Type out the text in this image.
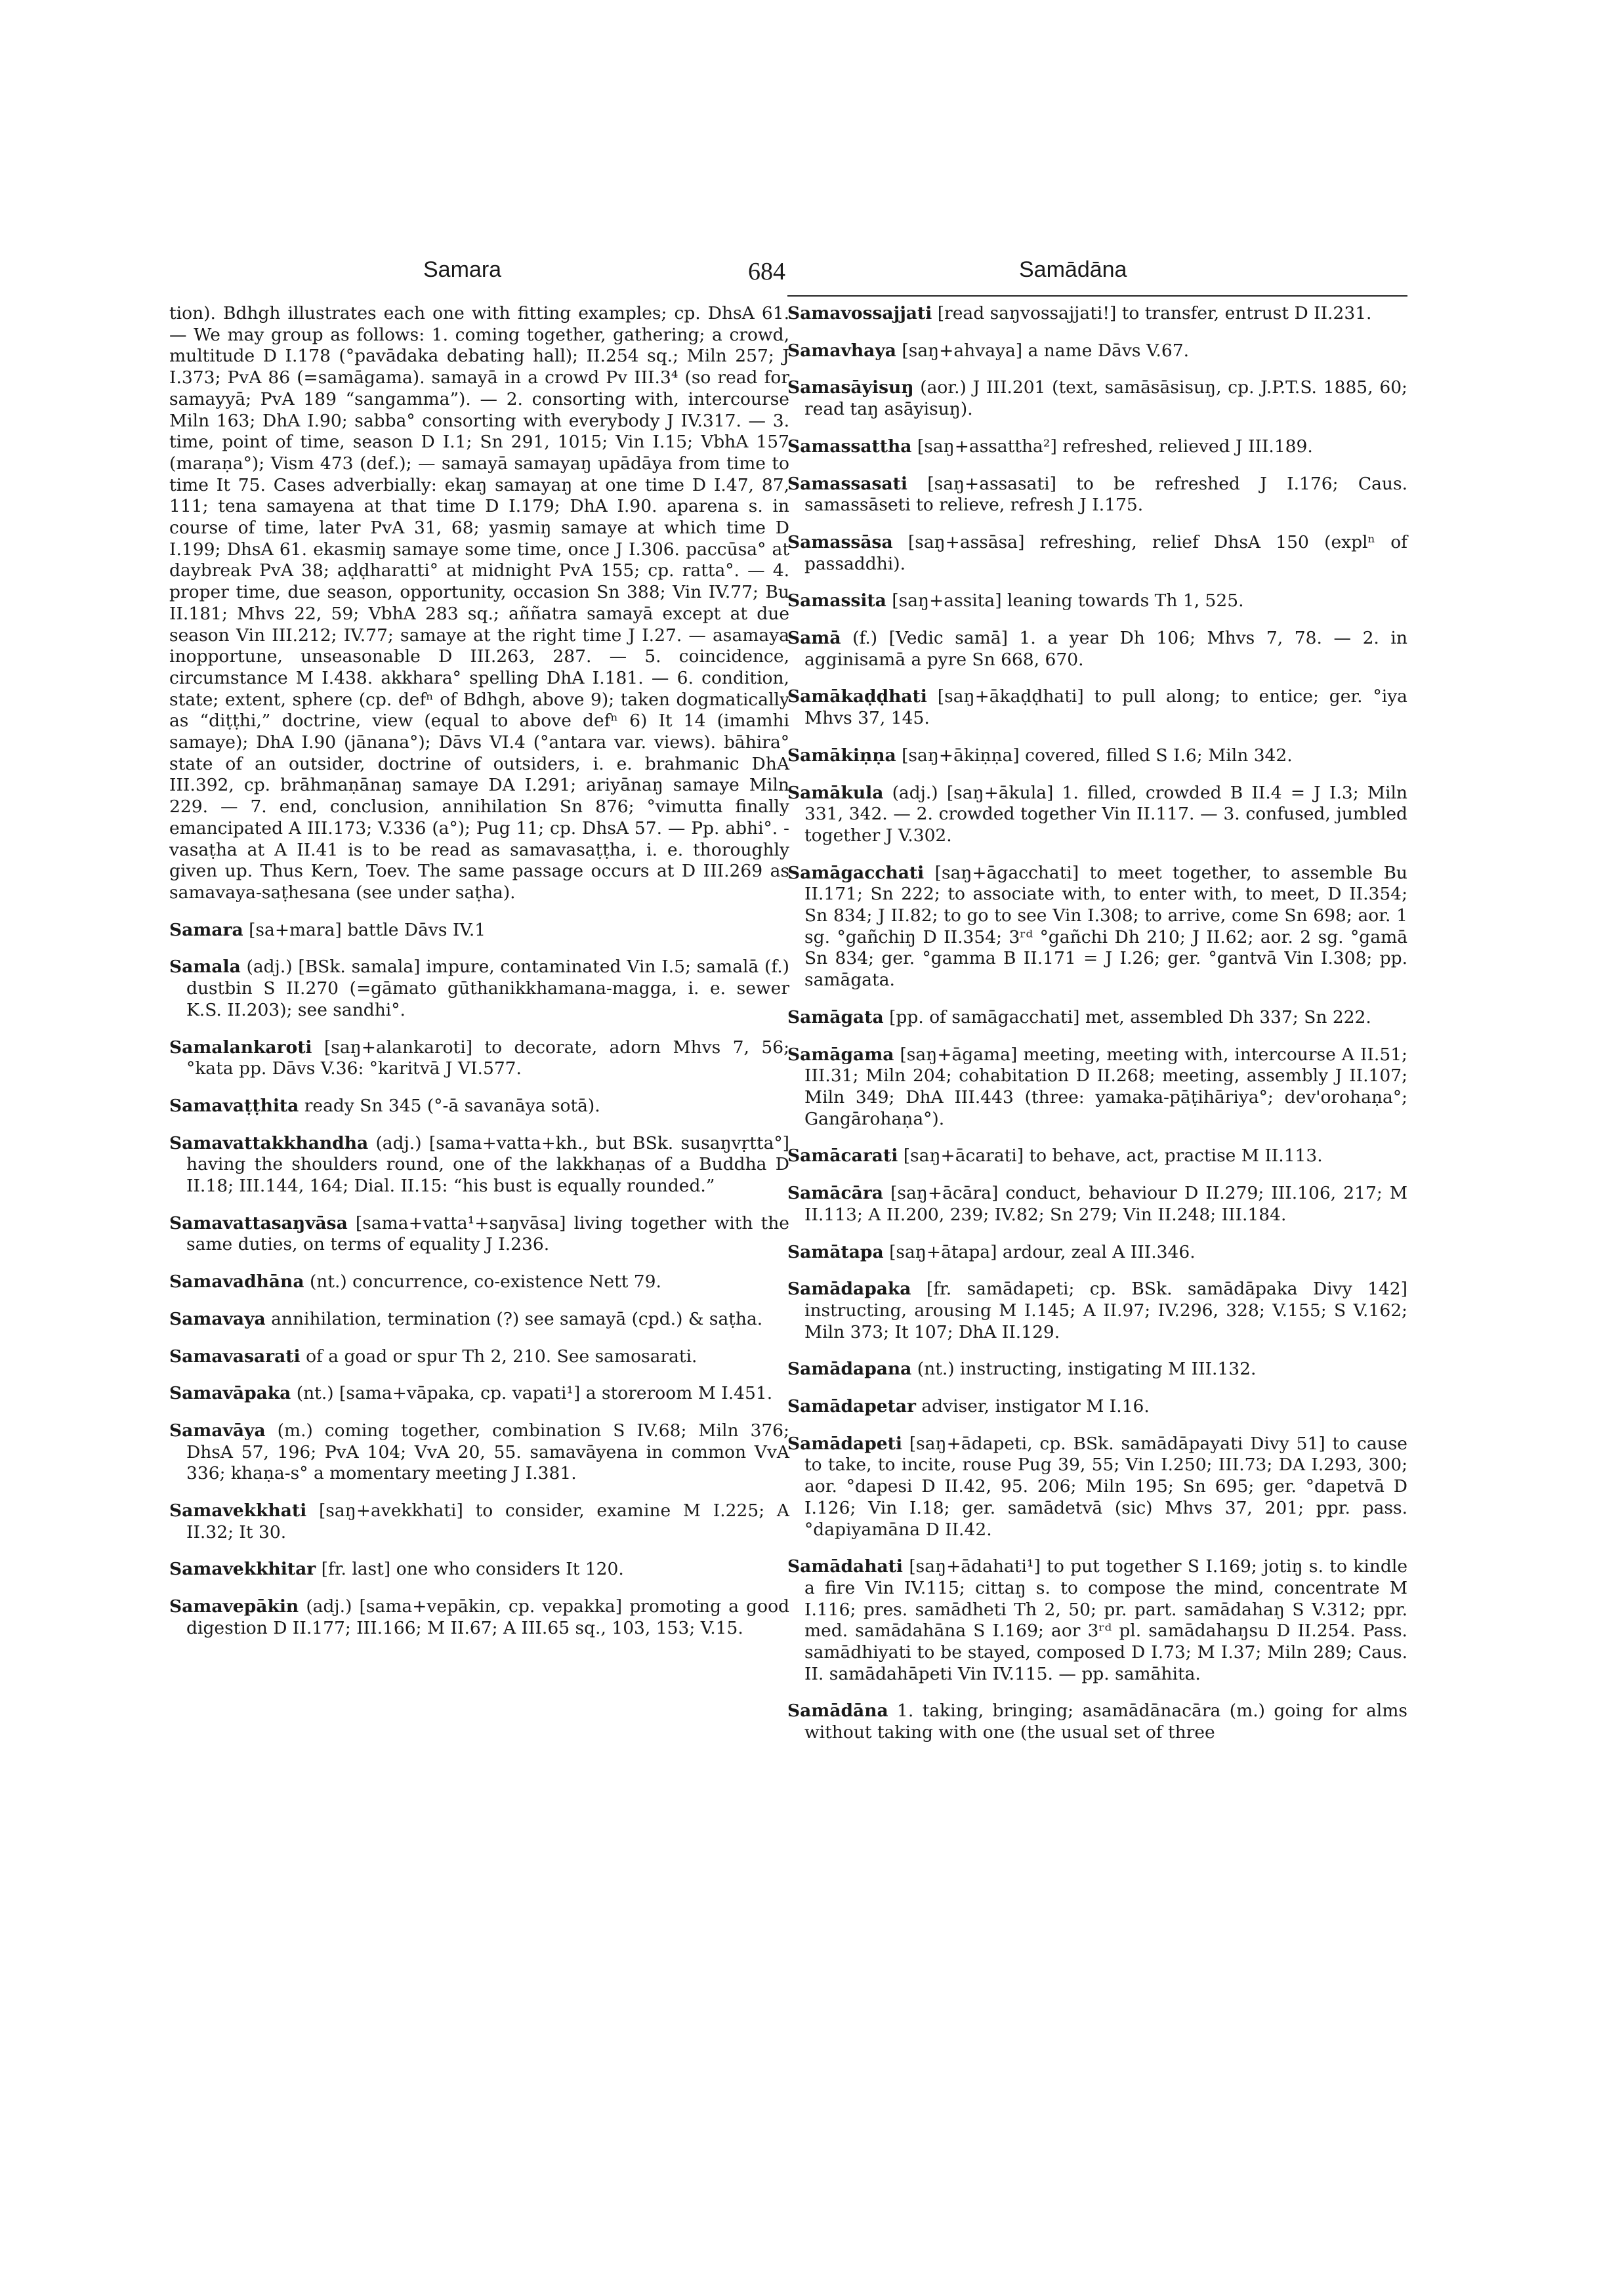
Samara	684	Samādāna

tion). Bdhgh illustrates each one with fitting examples; cp. DhsA 61. — We may group as follows: 1. coming together, gathering; a crowd, multitude D I.178 (°pavādaka debating hall); II.254 sq.; Miln 257; J I.373; PvA 86 (=samāgama). samayā in a crowd Pv III.3⁴ (so read for samayyā; PvA 189 “sangamma”). — 2. consorting with, intercourse Miln 163; DhA I.90; sabba° consorting with everybody J IV.317. — 3. time, point of time, season D I.1; Sn 291, 1015; Vin I.15; VbhA 157 (maraṇa°); Vism 473 (def.); — samayā samayaŋ upādāya from time to time It 75. Cases adverbially: ekaŋ samayaŋ at one time D I.47, 87, 111; tena samayena at that time D I.179; DhA I.90. aparena s. in course of time, later PvA 31, 68; yasmiŋ samaye at which time D I.199; DhsA 61. ekasmiŋ samaye some time, once J I.306. paccūsa° at daybreak PvA 38; aḍḍharatti° at midnight PvA 155; cp. ratta°. — 4. proper time, due season, opportunity, occasion Sn 388; Vin IV.77; Bu II.181; Mhvs 22, 59; VbhA 283 sq.; aññatra samayā except at due season Vin III.212; IV.77; samaye at the right time J I.27. — asamaya inopportune, unseasonable D III.263, 287. — 5. coincidence, circumstance M I.438. akkhara° spelling DhA I.181. — 6. condition, state; extent, sphere (cp. defⁿ of Bdhgh, above 9); taken dogmatically as “diṭṭhi,” doctrine, view (equal to above defⁿ 6) It 14 (imamhi samaye); DhA I.90 (jānana°); Dāvs VI.4 (°antara var. views). bāhira° state of an outsider, doctrine of outsiders, i. e. brahmanic DhA III.392, cp. brāhmaṇānaŋ samaye DA I.291; ariyānaŋ samaye Miln 229. — 7. end, conclusion, annihilation Sn 876; °vimutta finally emancipated A III.173; V.336 (a°); Pug 11; cp. DhsA 57. — Pp. abhi°. -vasaṭha at A II.41 is to be read as samavasaṭṭha, i. e. thoroughly given up. Thus Kern, Toev. The same passage occurs at D III.269 as samavaya-saṭhesana (see under saṭha).

Samara [sa+mara] battle Dāvs IV.1

Samala (adj.) [BSk. samala] impure, contaminated Vin I.5; samalā (f.) dustbin S II.270 (=gāmato gūthanikkhamana-magga, i. e. sewer K.S. II.203); see sandhi°.

Samalankaroti [saŋ+alankaroti] to decorate, adorn Mhvs 7, 56; °kata pp. Dāvs V.36: °karitvā J VI.577.

Samavaṭṭhita ready Sn 345 (°-ā savanāya sotā).

Samavattakkhandha (adj.) [sama+vatta+kh., but BSk. susaŋvṛtta°] having the shoulders round, one of the lakkhaṇas of a Buddha D II.18; III.144, 164; Dial. II.15: “his bust is equally rounded.”

Samavattasaŋvāsa [sama+vatta¹+saŋvāsa] living together with the same duties, on terms of equality J I.236.

Samavadhāna (nt.) concurrence, co-existence Nett 79.

Samavaya annihilation, termination (?) see samayā (cpd.) & saṭha.

Samavasarati of a goad or spur Th 2, 210. See samosarati.

Samavāpaka (nt.) [sama+vāpaka, cp. vapati¹] a storeroom M I.451.

Samavāya (m.) coming together, combination S IV.68; Miln 376; DhsA 57, 196; PvA 104; VvA 20, 55. samavāyena in common VvA 336; khaṇa-s° a momentary meeting J I.381.

Samavekkhati [saŋ+avekkhati] to consider, examine M I.225; A II.32; It 30.

Samavekkhitar [fr. last] one who considers It 120.

Samavepākin (adj.) [sama+vepākin, cp. vepakka] promoting a good digestion D II.177; III.166; M II.67; A III.65 sq., 103, 153; V.15.

Samavossajjati [read saŋvossajjati!] to transfer, entrust D II.231.

Samavhaya [saŋ+ahvaya] a name Dāvs V.67.

Samasāyisuŋ (aor.) J III.201 (text, samāsāsisuŋ, cp. J.P.T.S. 1885, 60; read taŋ asāyisuŋ).

Samassattha [saŋ+assattha²] refreshed, relieved J III.189.

Samassasati [saŋ+assasati] to be refreshed J I.176; Caus. samassāseti to relieve, refresh J I.175.

Samassāsa [saŋ+assāsa] refreshing, relief DhsA 150 (explⁿ of passaddhi).

Samassita [saŋ+assita] leaning towards Th 1, 525.

Samā (f.) [Vedic samā] 1. a year Dh 106; Mhvs 7, 78. — 2. in agginisamā a pyre Sn 668, 670.

Samākaḍḍhati [saŋ+ākaḍḍhati] to pull along; to entice; ger. °iya Mhvs 37, 145.

Samākiṇṇa [saŋ+ākiṇṇa] covered, filled S I.6; Miln 342.

Samākula (adj.) [saŋ+ākula] 1. filled, crowded B II.4 = J I.3; Miln 331, 342. — 2. crowded together Vin II.117. — 3. confused, jumbled together J V.302.

Samāgacchati [saŋ+āgacchati] to meet together, to assemble Bu II.171; Sn 222; to associate with, to enter with, to meet, D II.354; Sn 834; J II.82; to go to see Vin I.308; to arrive, come Sn 698; aor. 1 sg. °gañchiŋ D II.354; 3ʳᵈ °gañchi Dh 210; J II.62; aor. 2 sg. °gamā Sn 834; ger. °gamma B II.171 = J I.26; ger. °gantvā Vin I.308; pp. samāgata.

Samāgata [pp. of samāgacchati] met, assembled Dh 337; Sn 222.

Samāgama [saŋ+āgama] meeting, meeting with, intercourse A II.51; III.31; Miln 204; cohabitation D II.268; meeting, assembly J II.107; Miln 349; DhA III.443 (three: yamaka-pāṭihāriya°; dev'orohaṇa°; Gangārohaṇa°).

Samācarati [saŋ+ācarati] to behave, act, practise M II.113.

Samācāra [saŋ+ācāra] conduct, behaviour D II.279; III.106, 217; M II.113; A II.200, 239; IV.82; Sn 279; Vin II.248; III.184.

Samātapa [saŋ+ātapa] ardour, zeal A III.346.

Samādapaka [fr. samādapeti; cp. BSk. samādāpaka Divy 142] instructing, arousing M I.145; A II.97; IV.296, 328; V.155; S V.162; Miln 373; It 107; DhA II.129.

Samādapana (nt.) instructing, instigating M III.132.

Samādapetar adviser, instigator M I.16.

Samādapeti [saŋ+ādapeti, cp. BSk. samādāpayati Divy 51] to cause to take, to incite, rouse Pug 39, 55; Vin I.250; III.73; DA I.293, 300; aor. °dapesi D II.42, 95. 206; Miln 195; Sn 695; ger. °dapetvā D I.126; Vin I.18; ger. samādetvā (sic) Mhvs 37, 201; ppr. pass. °dapiyamāna D II.42.

Samādahati [saŋ+ādahati¹] to put together S I.169; jotiŋ s. to kindle a fire Vin IV.115; cittaŋ s. to compose the mind, concentrate M I.116; pres. samādheti Th 2, 50; pr. part. samādahaŋ S V.312; ppr. med. samādahāna S I.169; aor 3ʳᵈ pl. samādahaŋsu D II.254. Pass. samādhiyati to be stayed, composed D I.73; M I.37; Miln 289; Caus. II. samādahāpeti Vin IV.115. — pp. samāhita.

Samādāna 1. taking, bringing; asamādānacāra (m.) going for alms without taking with one (the usual set of three
